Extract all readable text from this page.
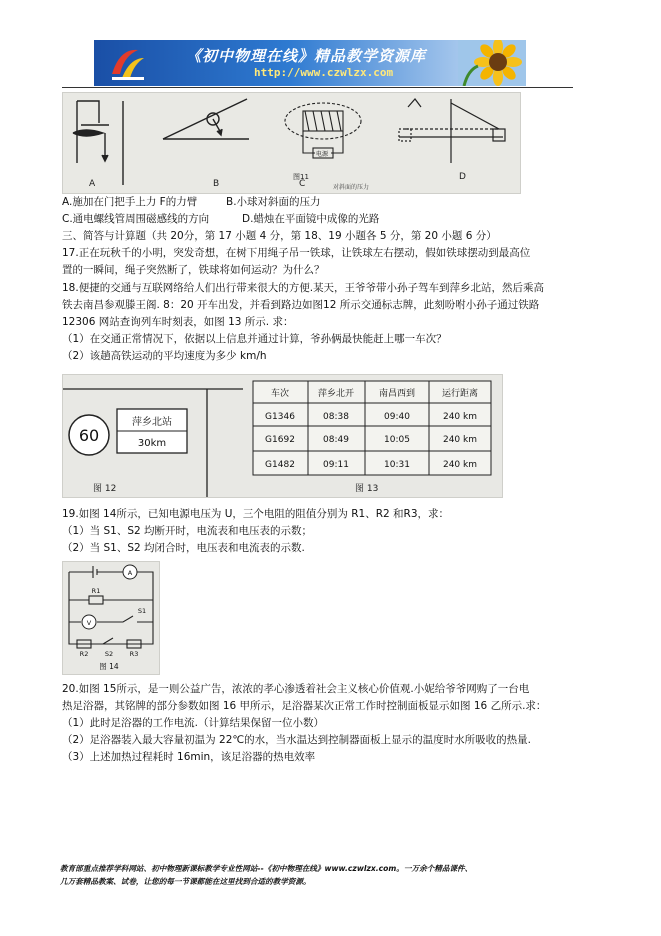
《初中物理在线》精品教学资源库
http://www.czwlzx.com
A	B
电源
C
图11
对斜面的压力
D
A.施加在门把手上力 F的力臂	B.小球对斜面的压力
C.通电螺线管周围磁感线的方向	D.蜡烛在平面镜中成像的光路
三、简答与计算题（共 20分，第 17 小题 4 分，第 18、19 小题各 5 分，第 20 小题 6 分）
17.正在玩秋千的小明，突发奇想，在树下用绳子吊一铁球，让铁球左右摆动，假如铁球摆动到最高位
置的一瞬间，绳子突然断了，铁球将如何运动？为什么？
18.便捷的交通与互联网络给人们出行带来很大的方便.某天，王爷爷带小孙子驾车到萍乡北站，然后乘高
铁去南昌参观滕王阁. 8：20 开车出发，并看到路边如图12 所示交通标志牌，此刻吩咐小孙子通过铁路
12306 网站查询列车时刻表，如图 13 所示. 求：
（1）在交通正常情况下，依据以上信息并通过计算，爷孙俩最快能赶上哪一车次？
（2）该趟高铁运动的平均速度为多少 km/h
60
萍乡北站
30km
图 12	图 13
车次	萍乡北开	南昌西到	运行距离
G1346	08:38	09:40	240 km
G1692	08:49	10:05	240 km
G1482	09:11	10:31	240 km
19.如图 14所示，已知电源电压为 U，三个电阻的阻值分别为 R1、R2 和R3，求：
（1）当 S1、S2 均断开时，电流表和电压表的示数；
（2）当 S1、S2 均闭合时，电压表和电流表的示数.
A
V
R1
R2	R3
S1
S2
图 14
20.如图 15所示，是一则公益广告，浓浓的孝心渗透着社会主义核心价值观.小妮给爷爷网购了一台电
热足浴器，其铭牌的部分参数如图 16 甲所示，足浴器某次正常工作时控制面板显示如图 16 乙所示.求：
（1）此时足浴器的工作电流.（计算结果保留一位小数）
（2）足浴器装入最大容量初温为 22℃的水，当水温达到控制器面板上显示的温度时水所吸收的热量.
（3）上述加热过程耗时 16min，该足浴器的热电效率
教育部重点推荐学科网站、初中物理新课标教学专业性网站--《初中物理在线》www.czwlzx.com。一万余个精品课件、
几万套精品教案、试卷，让您的每一节课都能在这里找到合适的教学资源。
